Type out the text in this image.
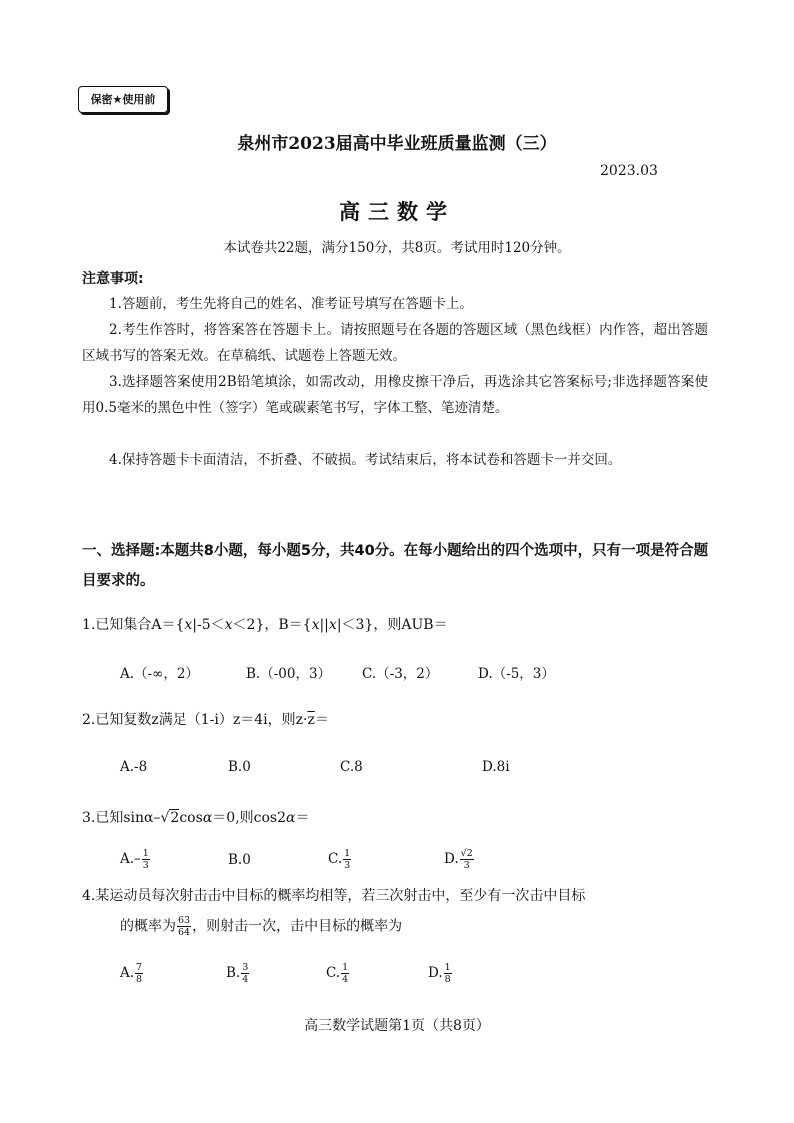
保密★使用前
泉州市2023届高中毕业班质量监测（三）
2023.03
高三数学
本试卷共22题，满分150分，共8页。考试用时120分钟。
注意事项:
1.答题前，考生先将自己的姓名、准考证号填写在答题卡上。
2.考生作答时，将答案答在答题卡上。请按照题号在各题的答题区域（黑色线框）内作答，超出答题区域书写的答案无效。在草稿纸、试题卷上答题无效。
3.选择题答案使用2B铅笔填涂，如需改动，用橡皮擦干净后，再选涂其它答案标号;非选择题答案使用0.5毫米的黑色中性（签字）笔或碳素笔书写，字体工整、笔迹清楚。
4.保持答题卡卡面清洁，不折叠、不破损。考试结束后，将本试卷和答题卡一并交回。
一、选择题:本题共8小题，每小题5分，共40分。在每小题给出的四个选项中，只有一项是符合题目要求的。
1.已知集合A＝{x|-5＜x＜2}，B＝{x||x|＜3}，则AUB＝
A.（-∞，2）	B.（-00，3） C.（-3，2）	D.（-5，3）
2.已知复数z满足（1-i）z＝4i，则$z\cdot\overline{z}=$
A.-8	B.0	C.8	D.8i
3.已知sinα–√2cosα＝0,则cos2α＝
$A.- \frac{1}{3}$	B.0	C. $\frac{1}{3}$	D. $\frac{√2}{3}$
4.某运动员每次射击击中目标的概率均相等，若三次射击中，至少有一次击中目标
的概率为 $\frac{63}{64}$ ，则射击一次，击中目标的概率为
A. $\frac{7}{8}$	B. $\frac{3}{4}$	C. $\frac{1}{4}$	D. $\frac{1}{8}$
高三数学试题第1页（共8页）
